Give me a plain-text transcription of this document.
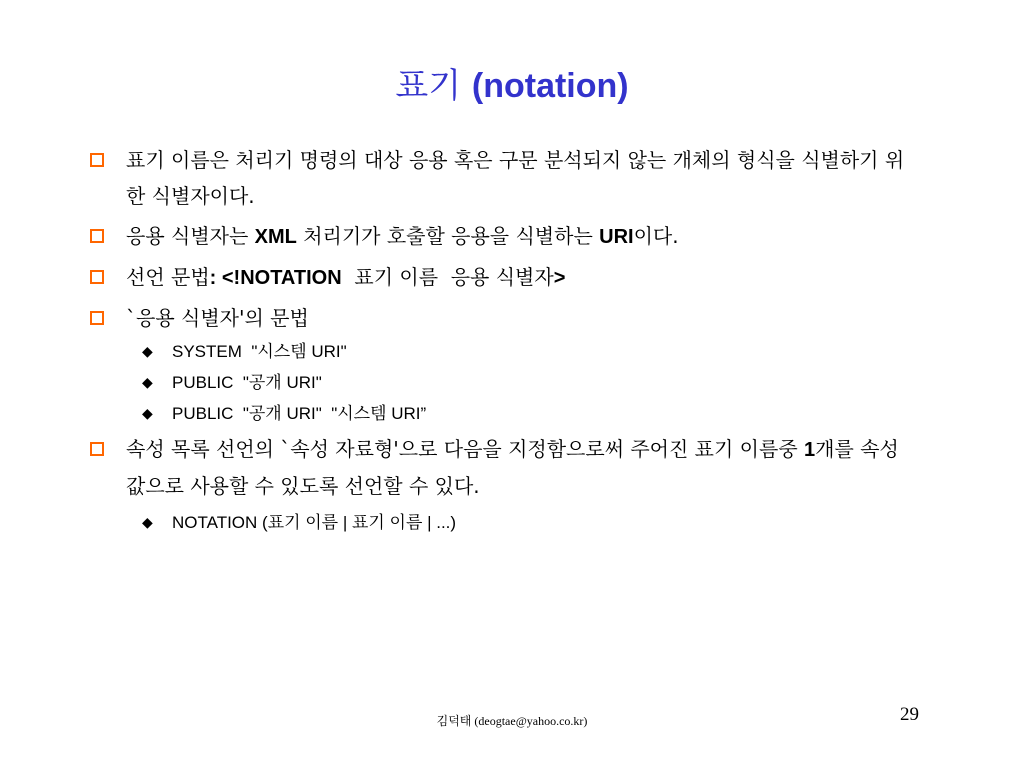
표기 (notation)
표기 이름은 처리기 명령의 대상 응용 혹은 구문 분석되지 않는 개체의 형식을 식별하기 위한 식별자이다.
응용 식별자는 XML 처리기가 호출할 응용을 식별하는 URI이다.
선언 문법: <!NOTATION  표기 이름  응용 식별자>
`응용 식별자'의 문법
◆ SYSTEM  "시스템 URI"
◆ PUBLIC  "공개 URI"
◆ PUBLIC  "공개 URI"  "시스템 URI”
속성 목록 선언의 `속성 자료형'으로 다음을 지정함으로써 주어진 표기 이름중 1개를 속성 값으로 사용할 수 있도록 선언할 수 있다.
◆ NOTATION (표기 이름 | 표기 이름 | ...)
김덕태 (deogtae@yahoo.co.kr)	29
